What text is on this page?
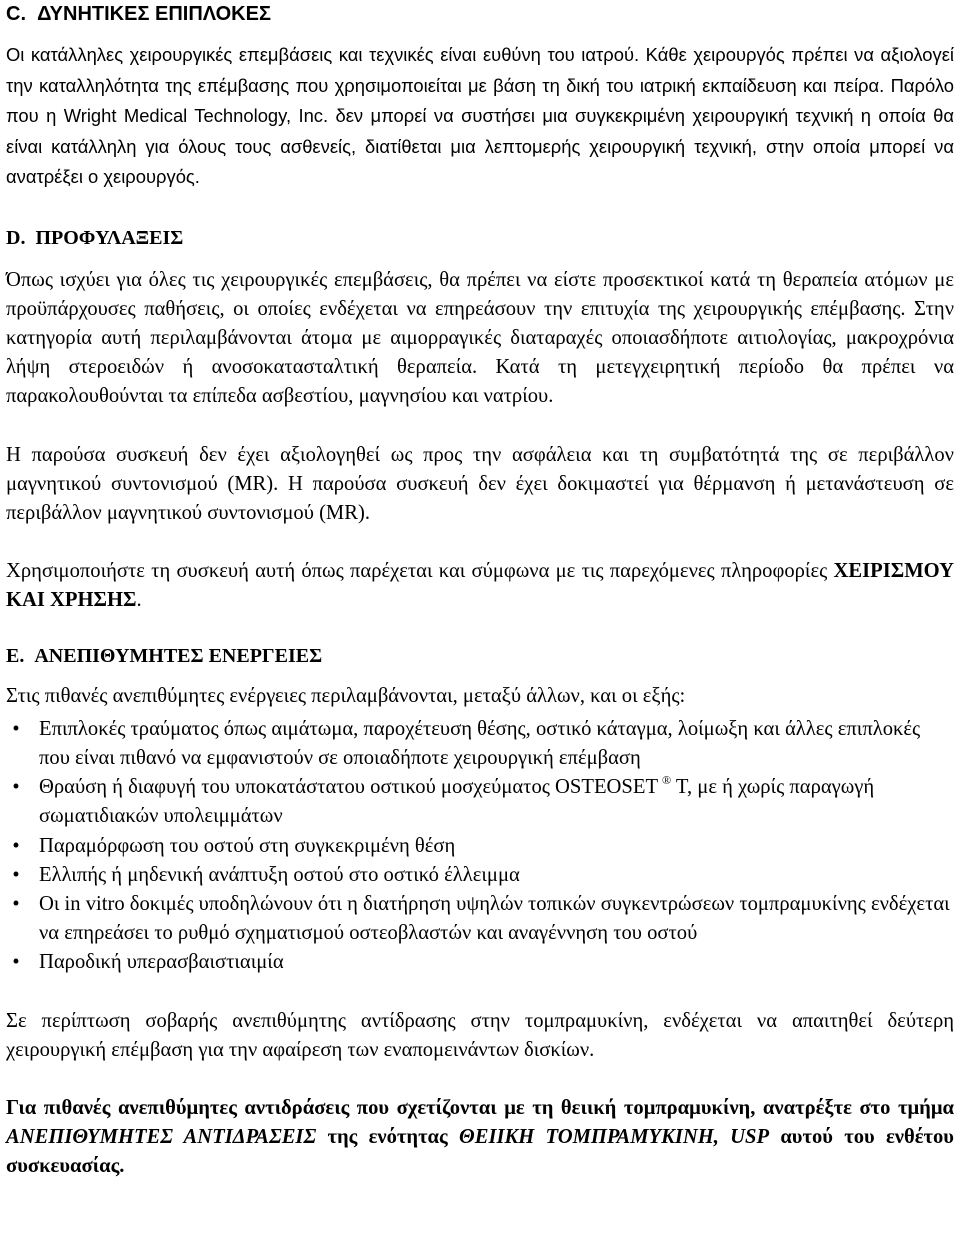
C.  ΔΥΝΗΤΙΚΕΣ ΕΠΙΠΛΟΚΕΣ

Οι κατάλληλες χειρουργικές επεμβάσεις και τεχνικές είναι ευθύνη του ιατρού. Κάθε χειρουργός πρέπει να αξιολογεί την καταλληλότητα της επέμβασης που χρησιμοποιείται με βάση τη δική του ιατρική εκπαίδευση και πείρα. Παρόλο που η Wright Medical Technology, Inc. δεν μπορεί να συστήσει μια συγκεκριμένη χειρουργική τεχνική η οποία θα είναι κατάλληλη για όλους τους ασθενείς, διατίθεται μια λεπτομερής χειρουργική τεχνική, στην οποία μπορεί να ανατρέξει ο χειρουργός.

D.  ΠΡΟΦΥΛΑΞΕΙΣ

Όπως ισχύει για όλες τις χειρουργικές επεμβάσεις, θα πρέπει να είστε προσεκτικοί κατά τη θεραπεία ατόμων με προϋπάρχουσες παθήσεις, οι οποίες ενδέχεται να επηρεάσουν την επιτυχία της χειρουργικής επέμβασης. Στην κατηγορία αυτή περιλαμβάνονται άτομα με αιμορραγικές διαταραχές οποιασδήποτε αιτιολογίας, μακροχρόνια λήψη στεροειδών ή ανοσοκατασταλτική θεραπεία. Κατά τη μετεγχειρητική περίοδο θα πρέπει να παρακολουθούνται τα επίπεδα ασβεστίου, μαγνησίου και νατρίου.

Η παρούσα συσκευή δεν έχει αξιολογηθεί ως προς την ασφάλεια και τη συμβατότητά της σε περιβάλλον μαγνητικού συντονισμού (MR). Η παρούσα συσκευή δεν έχει δοκιμαστεί για θέρμανση ή μετανάστευση σε περιβάλλον μαγνητικού συντονισμού (MR).

Χρησιμοποιήστε τη συσκευή αυτή όπως παρέχεται και σύμφωνα με τις παρεχόμενες πληροφορίες ΧΕΙΡΙΣΜΟΥ ΚΑΙ ΧΡΗΣΗΣ.

E.  ΑΝΕΠΙΘΥΜΗΤΕΣ ΕΝΕΡΓΕΙΕΣ

Στις πιθανές ανεπιθύμητες ενέργειες περιλαμβάνονται, μεταξύ άλλων, και οι εξής:

• Επιπλοκές τραύματος όπως αιμάτωμα, παροχέτευση θέσης, οστικό κάταγμα, λοίμωξη και άλλες επιπλοκές που είναι πιθανό να εμφανιστούν σε οποιαδήποτε χειρουργική επέμβαση
• Θραύση ή διαφυγή του υποκατάστατου οστικού μοσχεύματος OSTEOSET ® T, με ή χωρίς παραγωγή σωματιδιακών υπολειμμάτων
• Παραμόρφωση του οστού στη συγκεκριμένη θέση
• Ελλιπής ή μηδενική ανάπτυξη οστού στο οστικό έλλειμμα
• Οι in vitro δοκιμές υποδηλώνουν ότι η διατήρηση υψηλών τοπικών συγκεντρώσεων τομπραμυκίνης ενδέχεται να επηρεάσει το ρυθμό σχηματισμού οστεοβλαστών και αναγέννηση του οστού
• Παροδική υπερασβαιστιαιμία

Σε περίπτωση σοβαρής ανεπιθύμητης αντίδρασης στην τομπραμυκίνη, ενδέχεται να απαιτηθεί δεύτερη χειρουργική επέμβαση για την αφαίρεση των εναπομεινάντων δισκίων.

Για πιθανές ανεπιθύμητες αντιδράσεις που σχετίζονται με τη θειική τομπραμυκίνη, ανατρέξτε στο τμήμα ΑΝΕΠΙΘΥΜΗΤΕΣ ΑΝΤΙΔΡΑΣΕΙΣ της ενότητας ΘΕΙΙΚΗ ΤΟΜΠΡΑΜΥΚΙΝΗ, USP αυτού του ενθέτου συσκευασίας.
